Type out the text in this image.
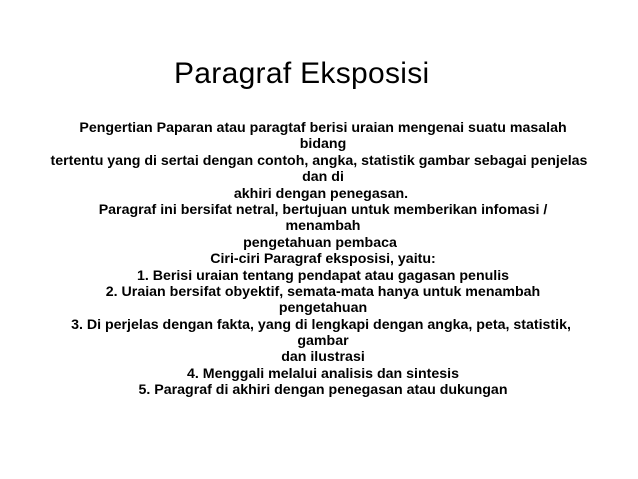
Paragraf Eksposisi
Pengertian Paparan atau paragtaf berisi uraian mengenai suatu masalah
bidang
tertentu yang di sertai dengan contoh, angka, statistik gambar sebagai penjelas
dan di
akhiri dengan penegasan.
Paragraf ini bersifat netral, bertujuan untuk memberikan infomasi /
menambah
pengetahuan pembaca
Ciri-ciri Paragraf eksposisi, yaitu:
1. Berisi uraian tentang pendapat atau gagasan penulis
2. Uraian bersifat obyektif, semata-mata hanya untuk menambah
pengetahuan
3. Di perjelas dengan fakta, yang di lengkapi dengan angka, peta, statistik,
gambar
dan ilustrasi
4. Menggali melalui analisis dan sintesis
5. Paragraf di akhiri dengan penegasan atau dukungan
